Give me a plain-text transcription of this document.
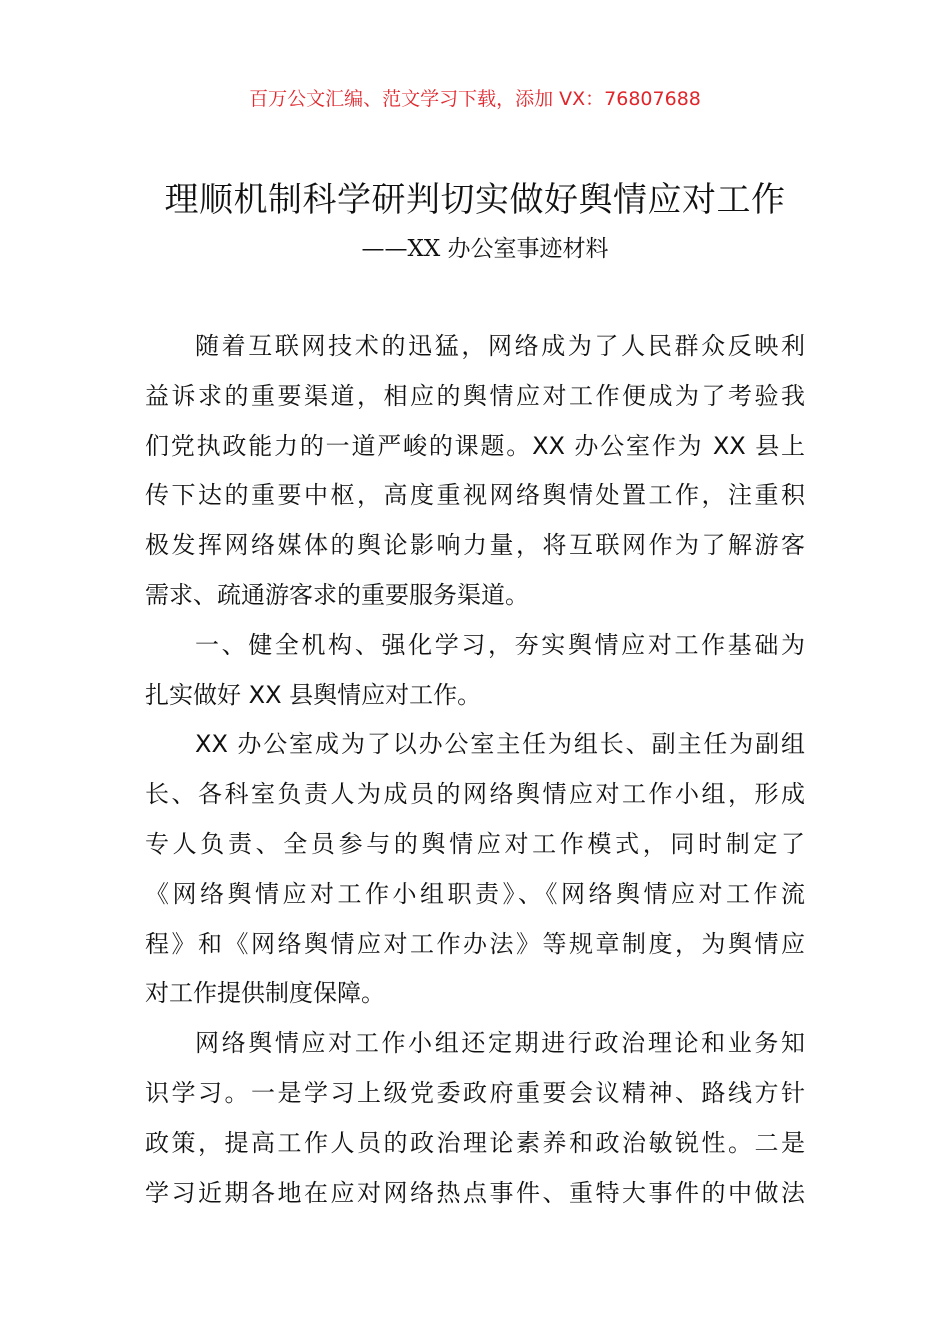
百万公文汇编、范文学习下载，添加 VX：76807688
理顺机制科学研判切实做好舆情应对工作
——XX 办公室事迹材料
随着互联网技术的迅猛，网络成为了人民群众反映利
益诉求的重要渠道，相应的舆情应对工作便成为了考验我
们党执政能力的一道严峻的课题。XX 办公室作为 XX 县上
传下达的重要中枢，高度重视网络舆情处置工作，注重积
极发挥网络媒体的舆论影响力量，将互联网作为了解游客
需求、疏通游客求的重要服务渠道。
一、健全机构、强化学习，夯实舆情应对工作基础为
扎实做好 XX 县舆情应对工作。
XX 办公室成为了以办公室主任为组长、副主任为副组
长、各科室负责人为成员的网络舆情应对工作小组，形成
专人负责、全员参与的舆情应对工作模式，同时制定了
《网络舆情应对工作小组职责》、《网络舆情应对工作流
程》和《网络舆情应对工作办法》等规章制度，为舆情应
对工作提供制度保障。
网络舆情应对工作小组还定期进行政治理论和业务知
识学习。一是学习上级党委政府重要会议精神、路线方针
政策，提高工作人员的政治理论素养和政治敏锐性。二是
学习近期各地在应对网络热点事件、重特大事件的中做法
